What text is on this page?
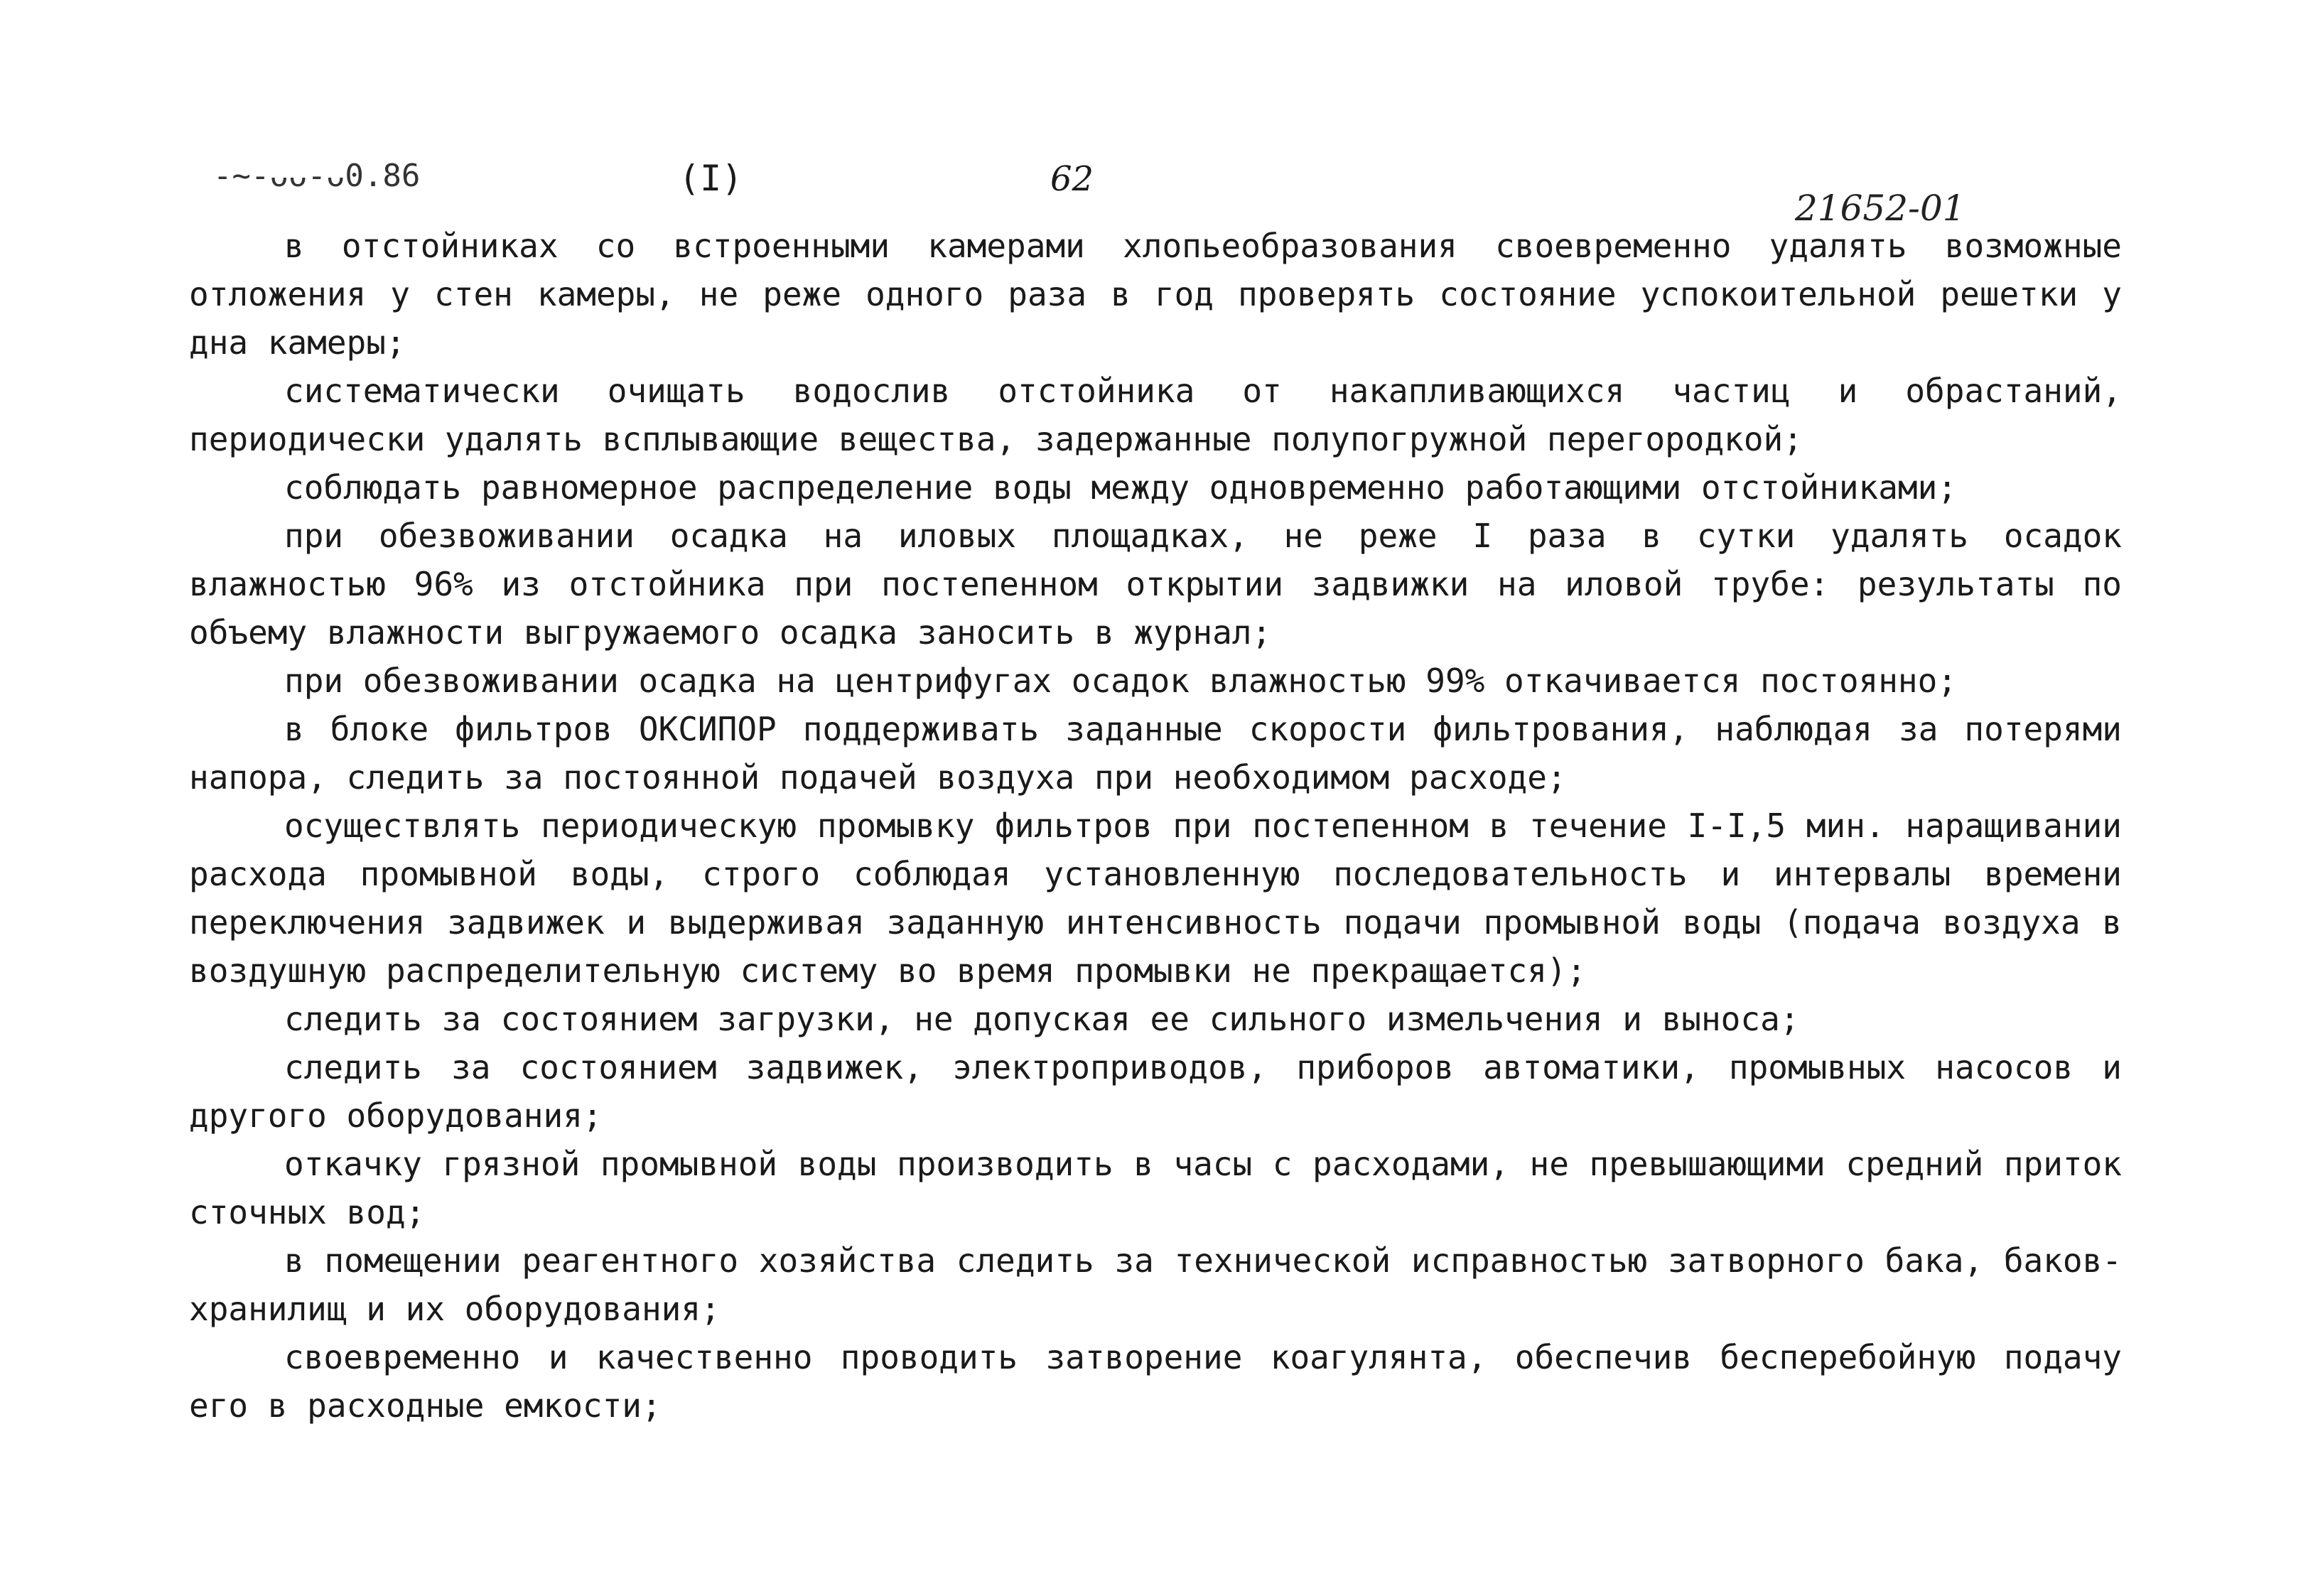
-~-ᴗᴗ-ᴗ0.86	(I)	62
21652-01

в отстойниках со встроенными камерами хлопьеобразования своевременно удалять возможные отложения у стен камеры, не реже одного раза в год проверять состояние успокоительной решетки у дна камеры;

систематически очищать водослив отстойника от накапливающихся частиц и обрастаний, периодически удалять всплывающие вещества, задержанные полупогружной перегородкой;

соблюдать равномерное распределение воды между одновременно работающими отстойниками;

при обезвоживании осадка на иловых площадках, не реже I раза в сутки удалять осадок влажностью 96% из отстойника при постепенном открытии задвижки на иловой трубе: результаты по объему влажности выгружаемого осадка заносить в журнал;

при обезвоживании осадка на центрифугах осадок влажностью 99% откачивается постоянно;

в блоке фильтров ОКСИПОР поддерживать заданные скорости фильтрования, наблюдая за потерями напора, следить за постоянной подачей воздуха при необходимом расходе;

осуществлять периодическую промывку фильтров при постепенном в течение I-I,5 мин. наращивании расхода промывной воды, строго соблюдая установленную последовательность и интервалы времени переключения задвижек и выдерживая заданную интенсивность подачи промывной воды (подача воздуха в воздушную распределительную систему во время промывки не прекращается);

следить за состоянием загрузки, не допуская ее сильного измельчения и выноса;

следить за состоянием задвижек, электроприводов, приборов автоматики, промывных насосов и другого оборудования;

откачку грязной промывной воды производить в часы с расходами, не превышающими средний приток сточных вод;

в помещении реагентного хозяйства следить за технической исправностью затворного бака, баков-хранилищ и их оборудования;

своевременно и качественно проводить затворение коагулянта, обеспечив бесперебойную подачу его в расходные емкости;
